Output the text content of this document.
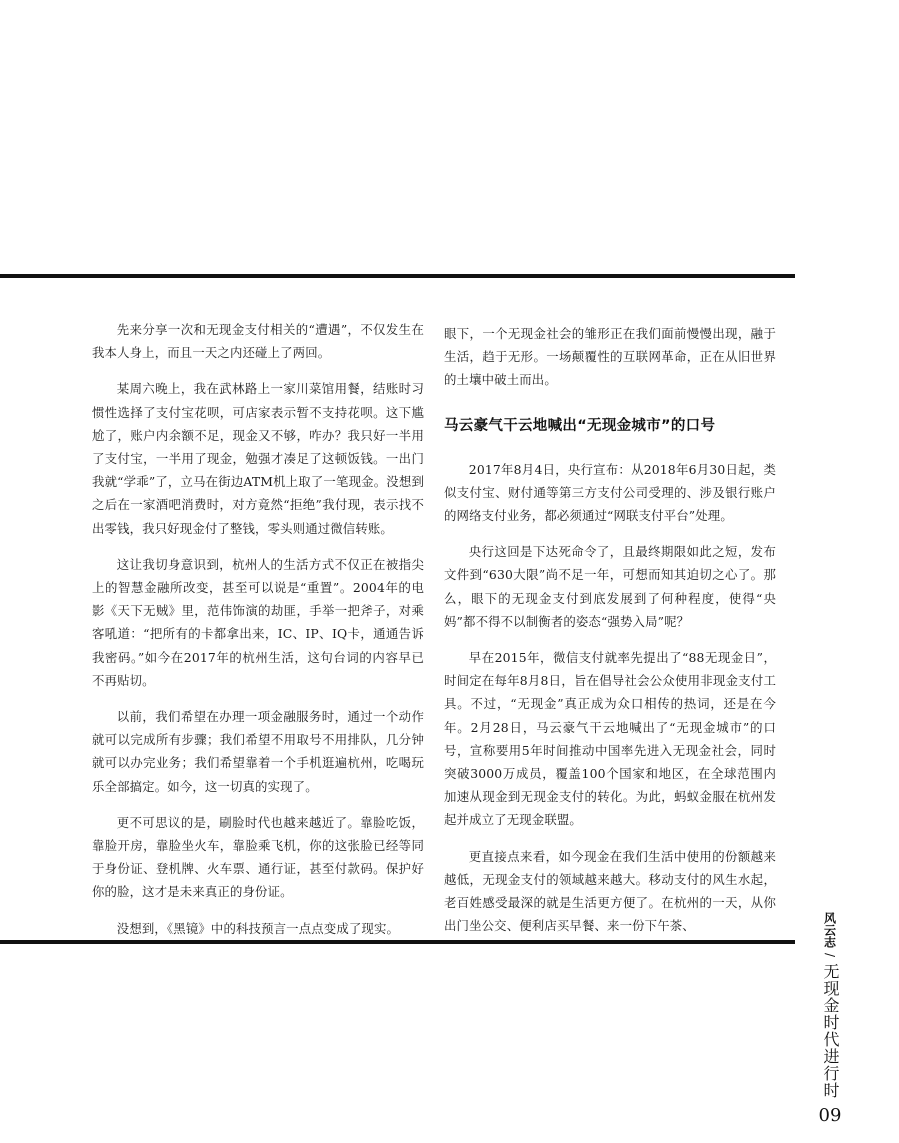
先来分享一次和无现金支付相关的“遭遇”，不仅发生在我本人身上，而且一天之内还碰上了两回。

某周六晚上，我在武林路上一家川菜馆用餐，结账时习惯性选择了支付宝花呗，可店家表示暂不支持花呗。这下尴尬了，账户内余额不足，现金又不够，咋办？我只好一半用了支付宝，一半用了现金，勉强才凑足了这顿饭钱。一出门我就“学乖”了，立马在街边ATM机上取了一笔现金。没想到之后在一家酒吧消费时，对方竟然“拒绝”我付现，表示找不出零钱，我只好现金付了整钱，零头则通过微信转账。

这让我切身意识到，杭州人的生活方式不仅正在被指尖上的智慧金融所改变，甚至可以说是“重置”。2004年的电影《天下无贼》里，范伟饰演的劫匪，手举一把斧子，对乘客吼道：“把所有的卡都拿出来，IC、IP、IQ卡，通通告诉我密码。”如今在2017年的杭州生活，这句台词的内容早已不再贴切。

以前，我们希望在办理一项金融服务时，通过一个动作就可以完成所有步骤；我们希望不用取号不用排队，几分钟就可以办完业务；我们希望靠着一个手机逛遍杭州，吃喝玩乐全部搞定。如今，这一切真的实现了。

更不可思议的是，刷脸时代也越来越近了。靠脸吃饭，靠脸开房，靠脸坐火车，靠脸乘飞机，你的这张脸已经等同于身份证、登机牌、火车票、通行证，甚至付款码。保护好你的脸，这才是未来真正的身份证。

没想到，《黑镜》中的科技预言一点点变成了现实。

眼下，一个无现金社会的雏形正在我们面前慢慢出现，融于生活，趋于无形。一场颠覆性的互联网革命，正在从旧世界的土壤中破土而出。

马云豪气干云地喊出“无现金城市”的口号

2017年8月4日，央行宣布：从2018年6月30日起，类似支付宝、财付通等第三方支付公司受理的、涉及银行账户的网络支付业务，都必须通过“网联支付平台”处理。

央行这回是下达死命令了，且最终期限如此之短，发布文件到“630大限”尚不足一年，可想而知其迫切之心了。那么，眼下的无现金支付到底发展到了何种程度，使得“央妈”都不得不以制衡者的姿态“强势入局”呢？

早在2015年，微信支付就率先提出了“88无现金日”，时间定在每年8月8日，旨在倡导社会公众使用非现金支付工具。不过，“无现金”真正成为众口相传的热词，还是在今年。2月28日，马云豪气干云地喊出了“无现金城市”的口号，宣称要用5年时间推动中国率先进入无现金社会，同时突破3000万成员，覆盖100个国家和地区，在全球范围内加速从现金到无现金支付的转化。为此，蚂蚁金服在杭州发起并成立了无现金联盟。

更直接点来看，如今现金在我们生活中使用的份额越来越低，无现金支付的领域越来越大。移动支付的风生水起，老百姓感受最深的就是生活更方便了。在杭州的一天，从你出门坐公交、便利店买早餐、来一份下午茶、	风云志
/
无现金时代进行时
09
